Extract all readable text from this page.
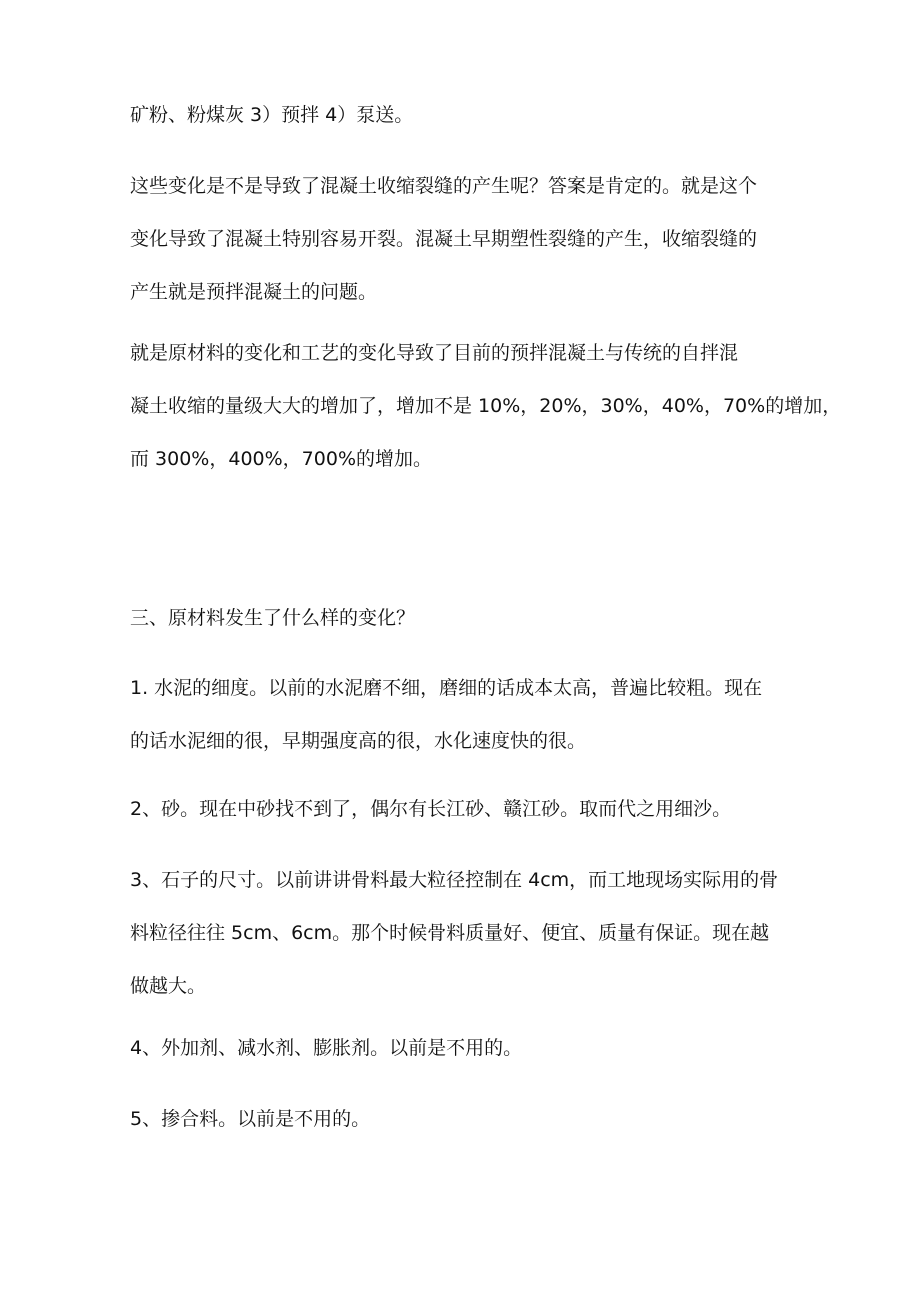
矿粉、粉煤灰 3）预拌 4）泵送。

这些变化是不是导致了混凝土收缩裂缝的产生呢？答案是肯定的。就是这个
变化导致了混凝土特别容易开裂。混凝土早期塑性裂缝的产生，收缩裂缝的
产生就是预拌混凝土的问题。

就是原材料的变化和工艺的变化导致了目前的预拌混凝土与传统的自拌混
凝土收缩的量级大大的增加了，增加不是 10%，20%，30%，40%，70%的增加，
而 300%，400%，700%的增加。

三、原材料发生了什么样的变化？

1. 水泥的细度。以前的水泥磨不细，磨细的话成本太高，普遍比较粗。现在
的话水泥细的很，早期强度高的很，水化速度快的很。

2、砂。现在中砂找不到了，偶尔有长江砂、赣江砂。取而代之用细沙。

3、石子的尺寸。以前讲讲骨料最大粒径控制在 4cm，而工地现场实际用的骨
料粒径往往 5cm、6cm。那个时候骨料质量好、便宜、质量有保证。现在越
做越大。

4、外加剂、减水剂、膨胀剂。以前是不用的。

5、掺合料。以前是不用的。
